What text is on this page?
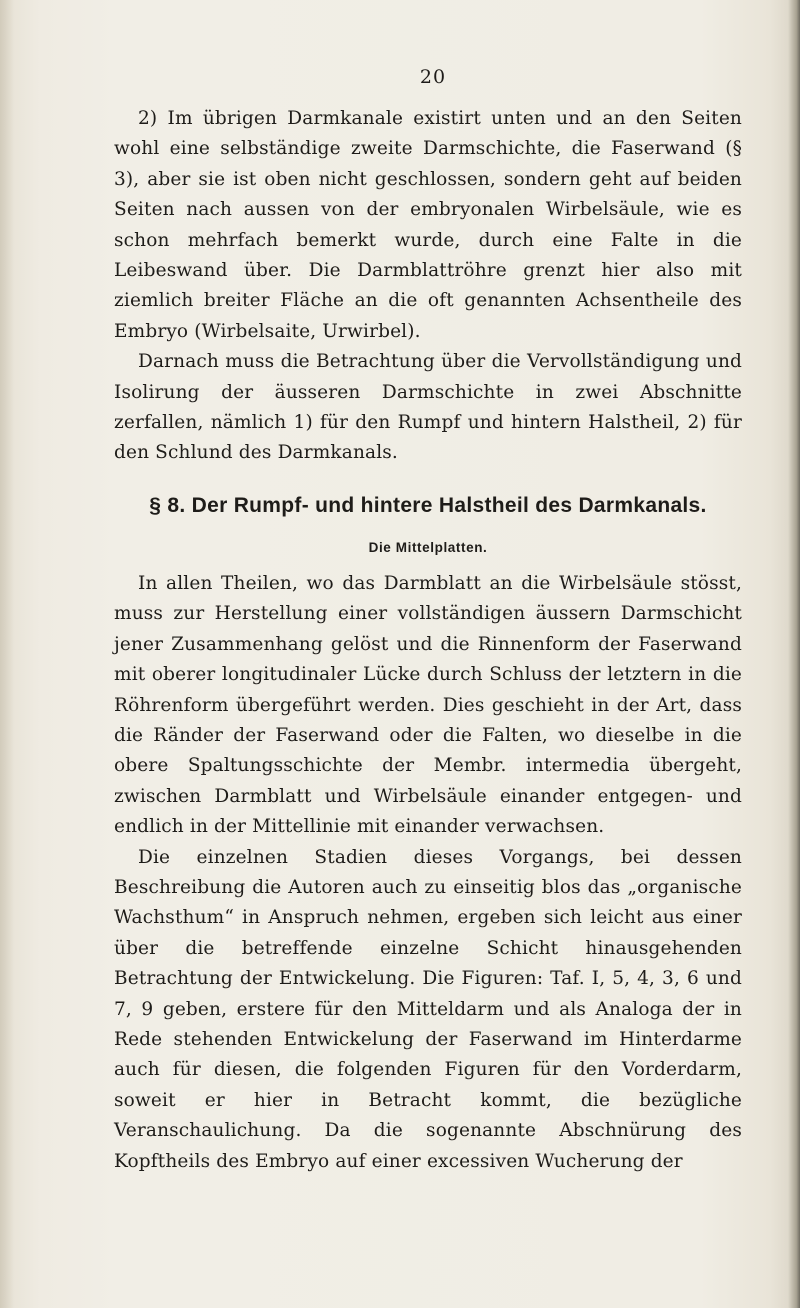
20

2) Im übrigen Darmkanale existirt unten und an den Seiten wohl eine selbständige zweite Darmschichte, die Faserwand (§ 3), aber sie ist oben nicht geschlossen, sondern geht auf beiden Seiten nach aussen von der embryonalen Wirbelsäule, wie es schon mehrfach bemerkt wurde, durch eine Falte in die Leibeswand über. Die Darmblattröhre grenzt hier also mit ziemlich breiter Fläche an die oft genannten Achsentheile des Embryo (Wirbelsaite, Urwirbel).

Darnach muss die Betrachtung über die Vervollständigung und Isolirung der äusseren Darmschichte in zwei Abschnitte zerfallen, nämlich 1) für den Rumpf und hintern Halstheil, 2) für den Schlund des Darmkanals.

§ 8. Der Rumpf- und hintere Halstheil des Darmkanals.
Die Mittelplatten.

In allen Theilen, wo das Darmblatt an die Wirbelsäule stösst, muss zur Herstellung einer vollständigen äussern Darmschicht jener Zusammenhang gelöst und die Rinnenform der Faserwand mit oberer longitudinaler Lücke durch Schluss der letztern in die Röhrenform übergeführt werden. Dies geschieht in der Art, dass die Ränder der Faserwand oder die Falten, wo dieselbe in die obere Spaltungsschichte der Membr. intermedia übergeht, zwischen Darmblatt und Wirbelsäule einander entgegen- und endlich in der Mittellinie mit einander verwachsen.

Die einzelnen Stadien dieses Vorgangs, bei dessen Beschreibung die Autoren auch zu einseitig blos das „organische Wachsthum“ in Anspruch nehmen, ergeben sich leicht aus einer über die betreffende einzelne Schicht hinausgehenden Betrachtung der Entwickelung. Die Figuren: Taf. I, 5, 4, 3, 6 und 7, 9 geben, erstere für den Mitteldarm und als Analoga der in Rede stehenden Entwickelung der Faserwand im Hinterdarme auch für diesen, die folgenden Figuren für den Vorderdarm, soweit er hier in Betracht kommt, die bezügliche Veranschaulichung. Da die sogenannte Abschnürung des Kopftheils des Embryo auf einer excessiven Wucherung der
